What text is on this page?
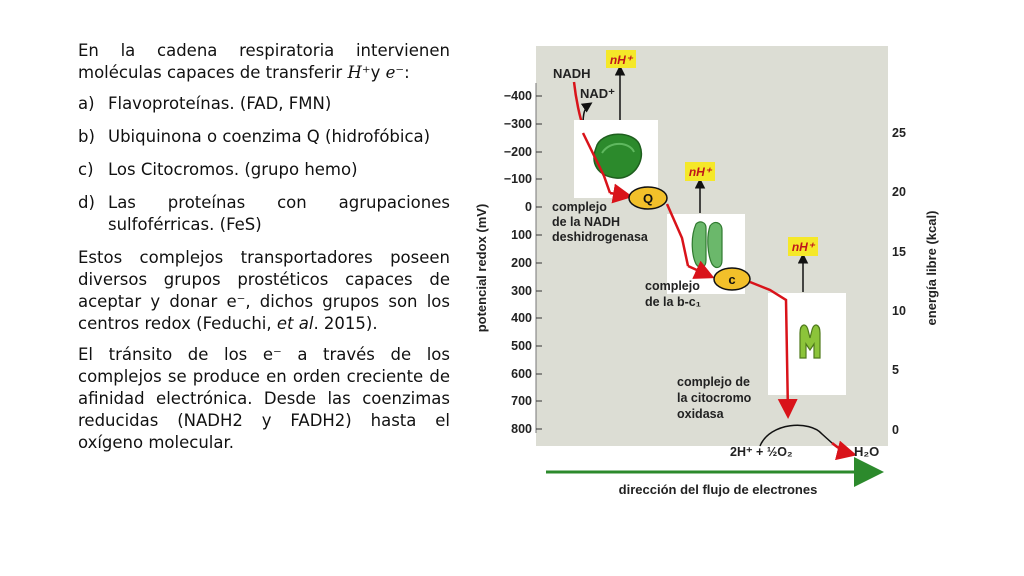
En la cadena respiratoria intervienen
moléculas capaces de transferir H⁺y e⁻:

a) Flavoproteínas. (FAD, FMN)
b) Ubiquinona o coenzima Q (hidrofóbica)
c) Los Citocromos. (grupo hemo)
d) Las proteínas con agrupaciones sulfoférricas. (FeS)

Estos complejos transportadores poseen diversos grupos prostéticos capaces de aceptar y donar e⁻, dichos grupos son los centros redox (Feduchi, et al. 2015).

El tránsito de los e⁻ a través de los complejos se produce en orden creciente de afinidad electrónica. Desde las coenzimas reducidas (NADH2 y FADH2) hasta el oxígeno molecular.

potencial redox (mV)	energía libre (kcal)
−400
−300
−200
−100
0
100
200
300
400
500
600
700
800
25
20
15
10
5
0
NADH
NAD⁺
nH⁺
Q
complejo
de la NADH
deshidrogenasa
nH⁺
c
complejo
de la b-c₁
nH⁺
complejo de
la citocromo
oxidasa
2H⁺ + ½O₂	H₂O
dirección del flujo de electrones
